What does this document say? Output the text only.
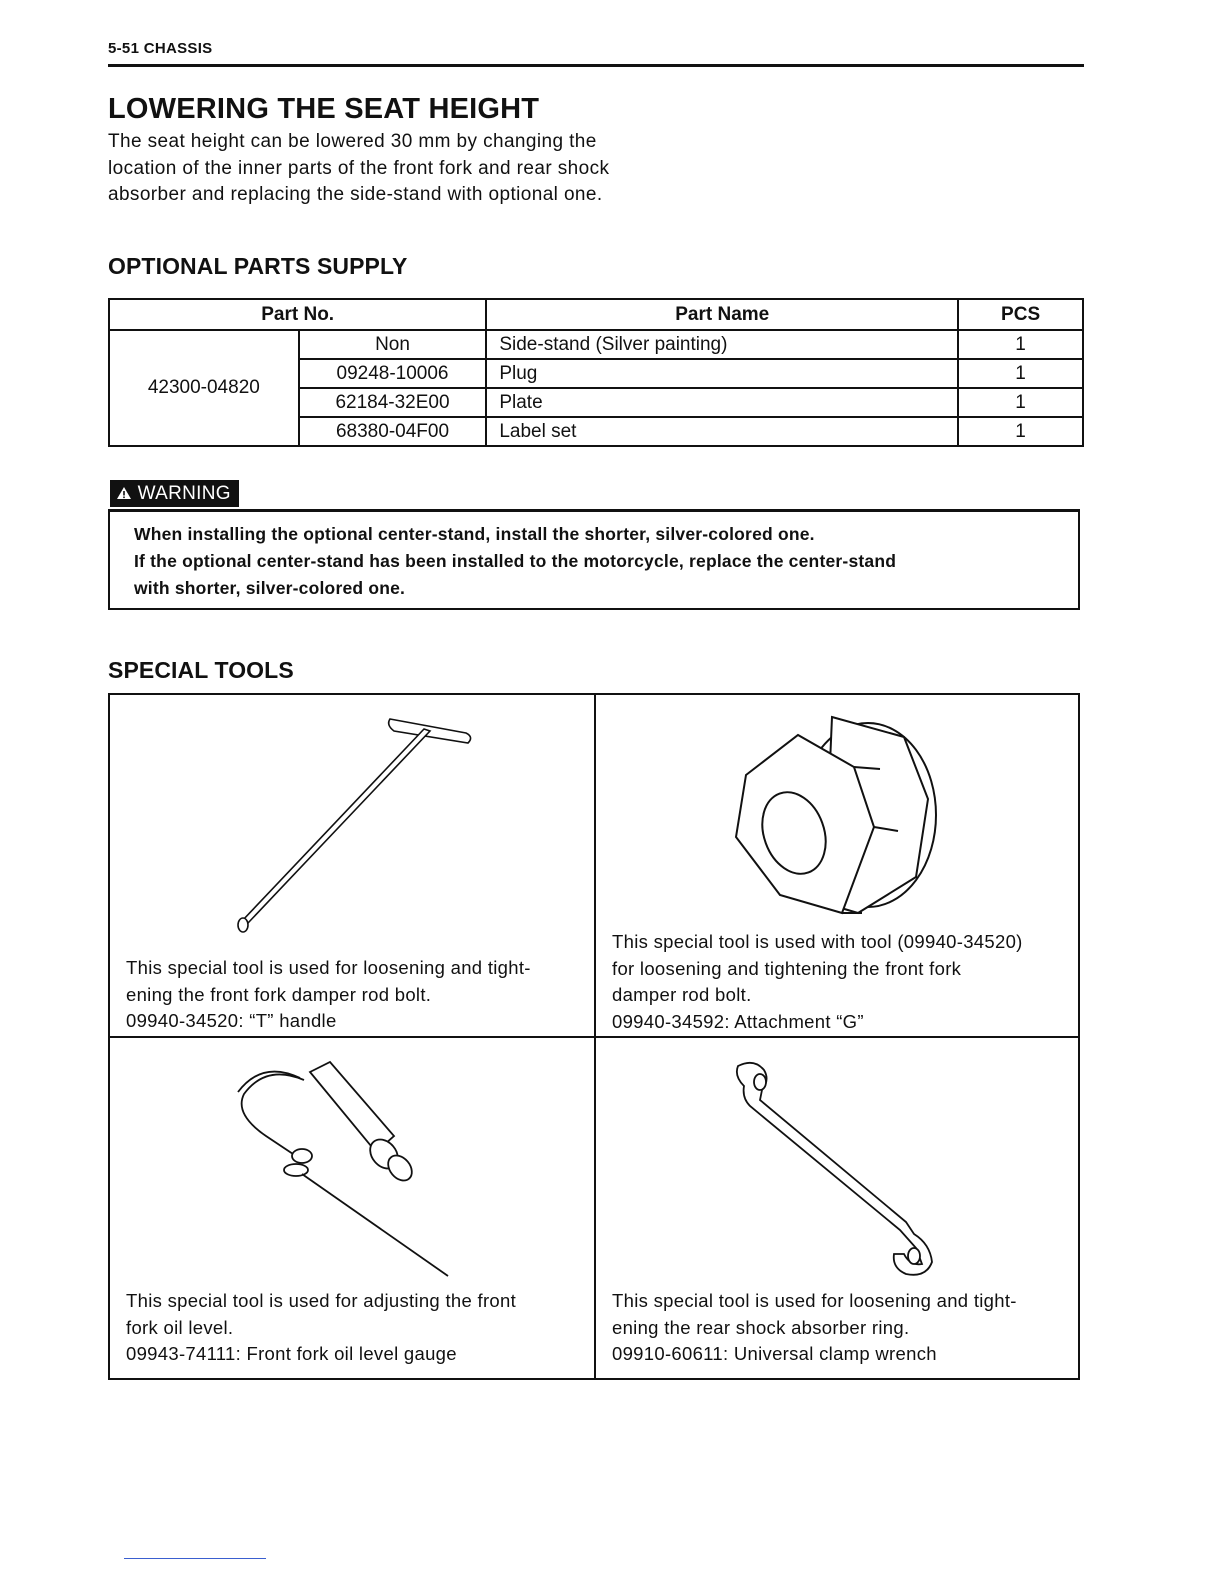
5-51 CHASSIS
LOWERING THE SEAT HEIGHT
The seat height can be lowered 30 mm by changing the
location of the inner parts of the front fork and rear shock
absorber and replacing the side-stand with optional one.
OPTIONAL PARTS SUPPLY
Part No.		Part Name	PCS
42300-04820	Non	Side-stand (Silver painting)	1
	09248-10006	Plug	1
	62184-32E00	Plate	1
	68380-04F00	Label set	1
WARNING
When installing the optional center-stand, install the shorter, silver-colored one.
If the optional center-stand has been installed to the motorcycle, replace the center-stand
with shorter, silver-colored one.
SPECIAL TOOLS

This special tool is used for loosening and tight-

ening the front fork damper rod bolt.

09940-34520: “T” handle

This special tool is used with tool (09940-34520)

for loosening and tightening the front fork

damper rod bolt.

09940-34592: Attachment “G”

This special tool is used for adjusting the front

fork oil level.

09943-74111: Front fork oil level gauge

This special tool is used for loosening and tight-

ening the rear shock absorber ring.

09910-60611: Universal clamp wrench
